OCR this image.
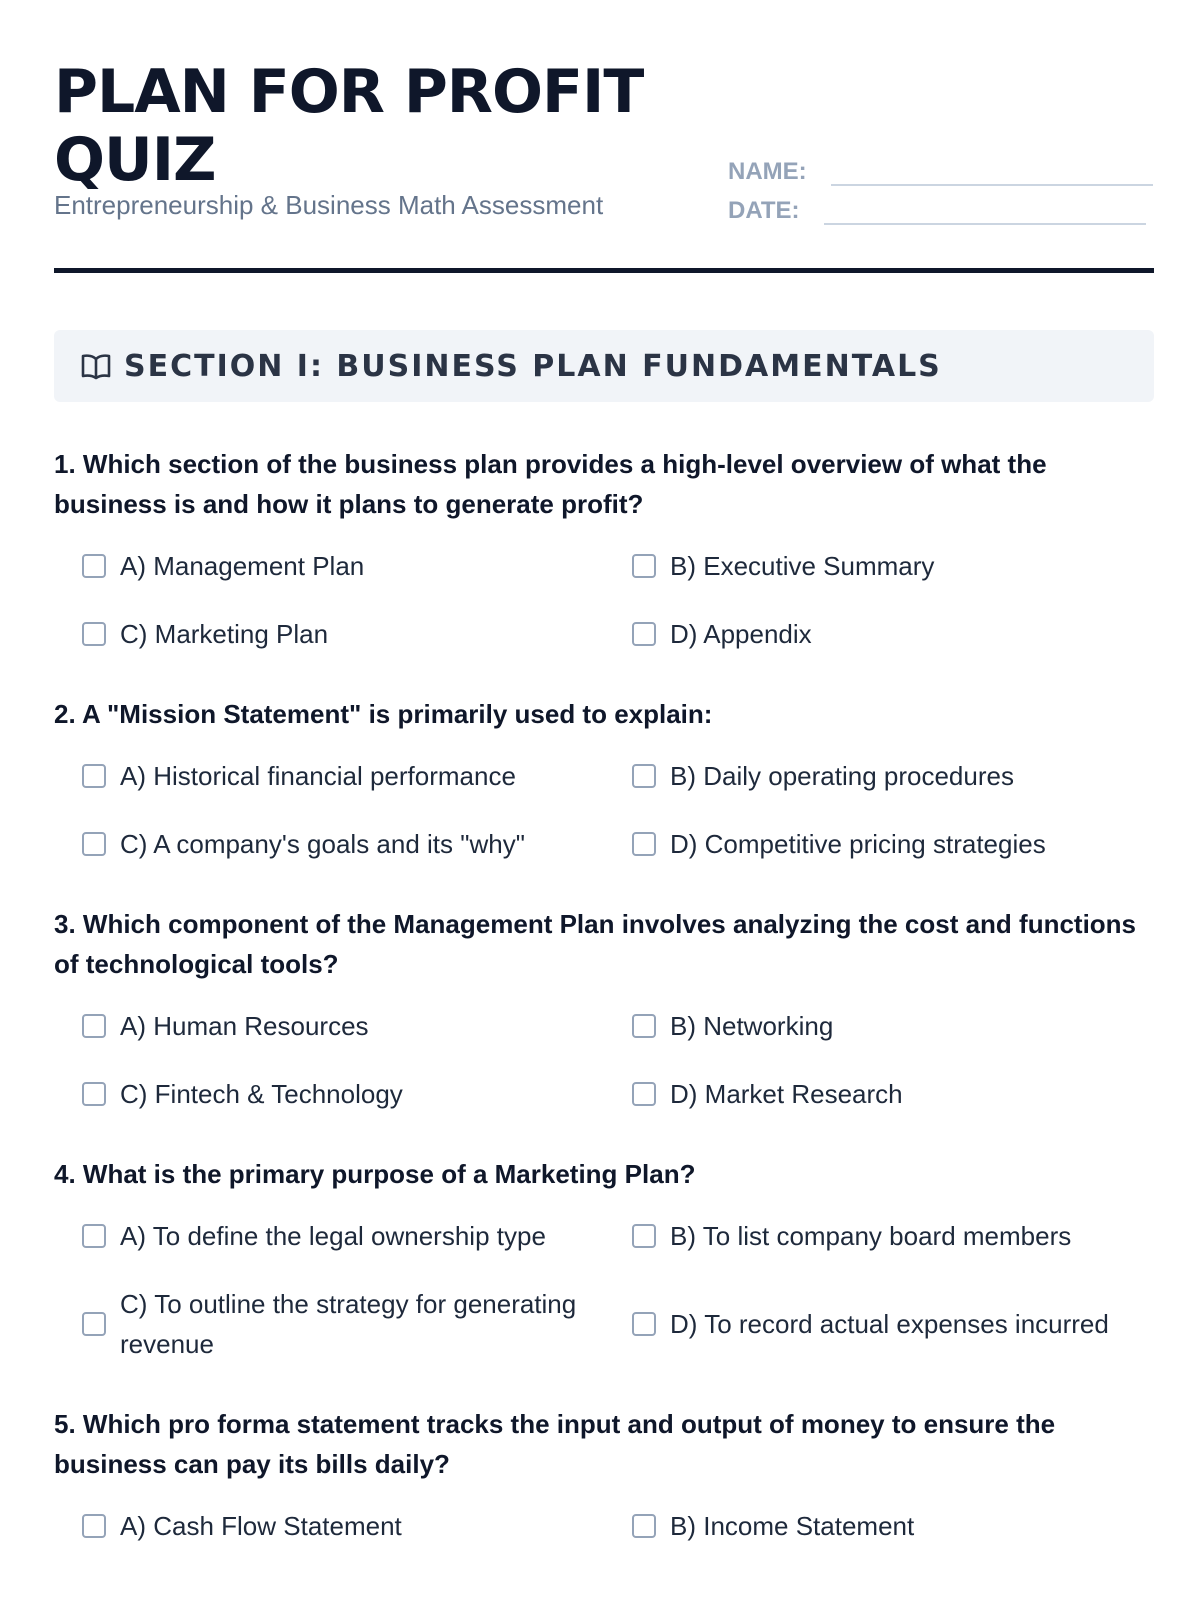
PLAN FOR PROFIT QUIZ
Entrepreneurship & Business Math Assessment
NAME:
DATE:
SECTION I: BUSINESS PLAN FUNDAMENTALS
1. Which section of the business plan provides a high-level overview of what the business is and how it plans to generate profit?
A) Management Plan	B) Executive Summary
C) Marketing Plan	D) Appendix
2. A "Mission Statement" is primarily used to explain:
A) Historical financial performance	B) Daily operating procedures
C) A company's goals and its "why"	D) Competitive pricing strategies
3. Which component of the Management Plan involves analyzing the cost and functions of technological tools?
A) Human Resources	B) Networking
C) Fintech & Technology	D) Market Research
4. What is the primary purpose of a Marketing Plan?
A) To define the legal ownership type	B) To list company board members
C) To outline the strategy for generating revenue
D) To record actual expenses incurred
5. Which pro forma statement tracks the input and output of money to ensure the business can pay its bills daily?
A) Cash Flow Statement	B) Income Statement
